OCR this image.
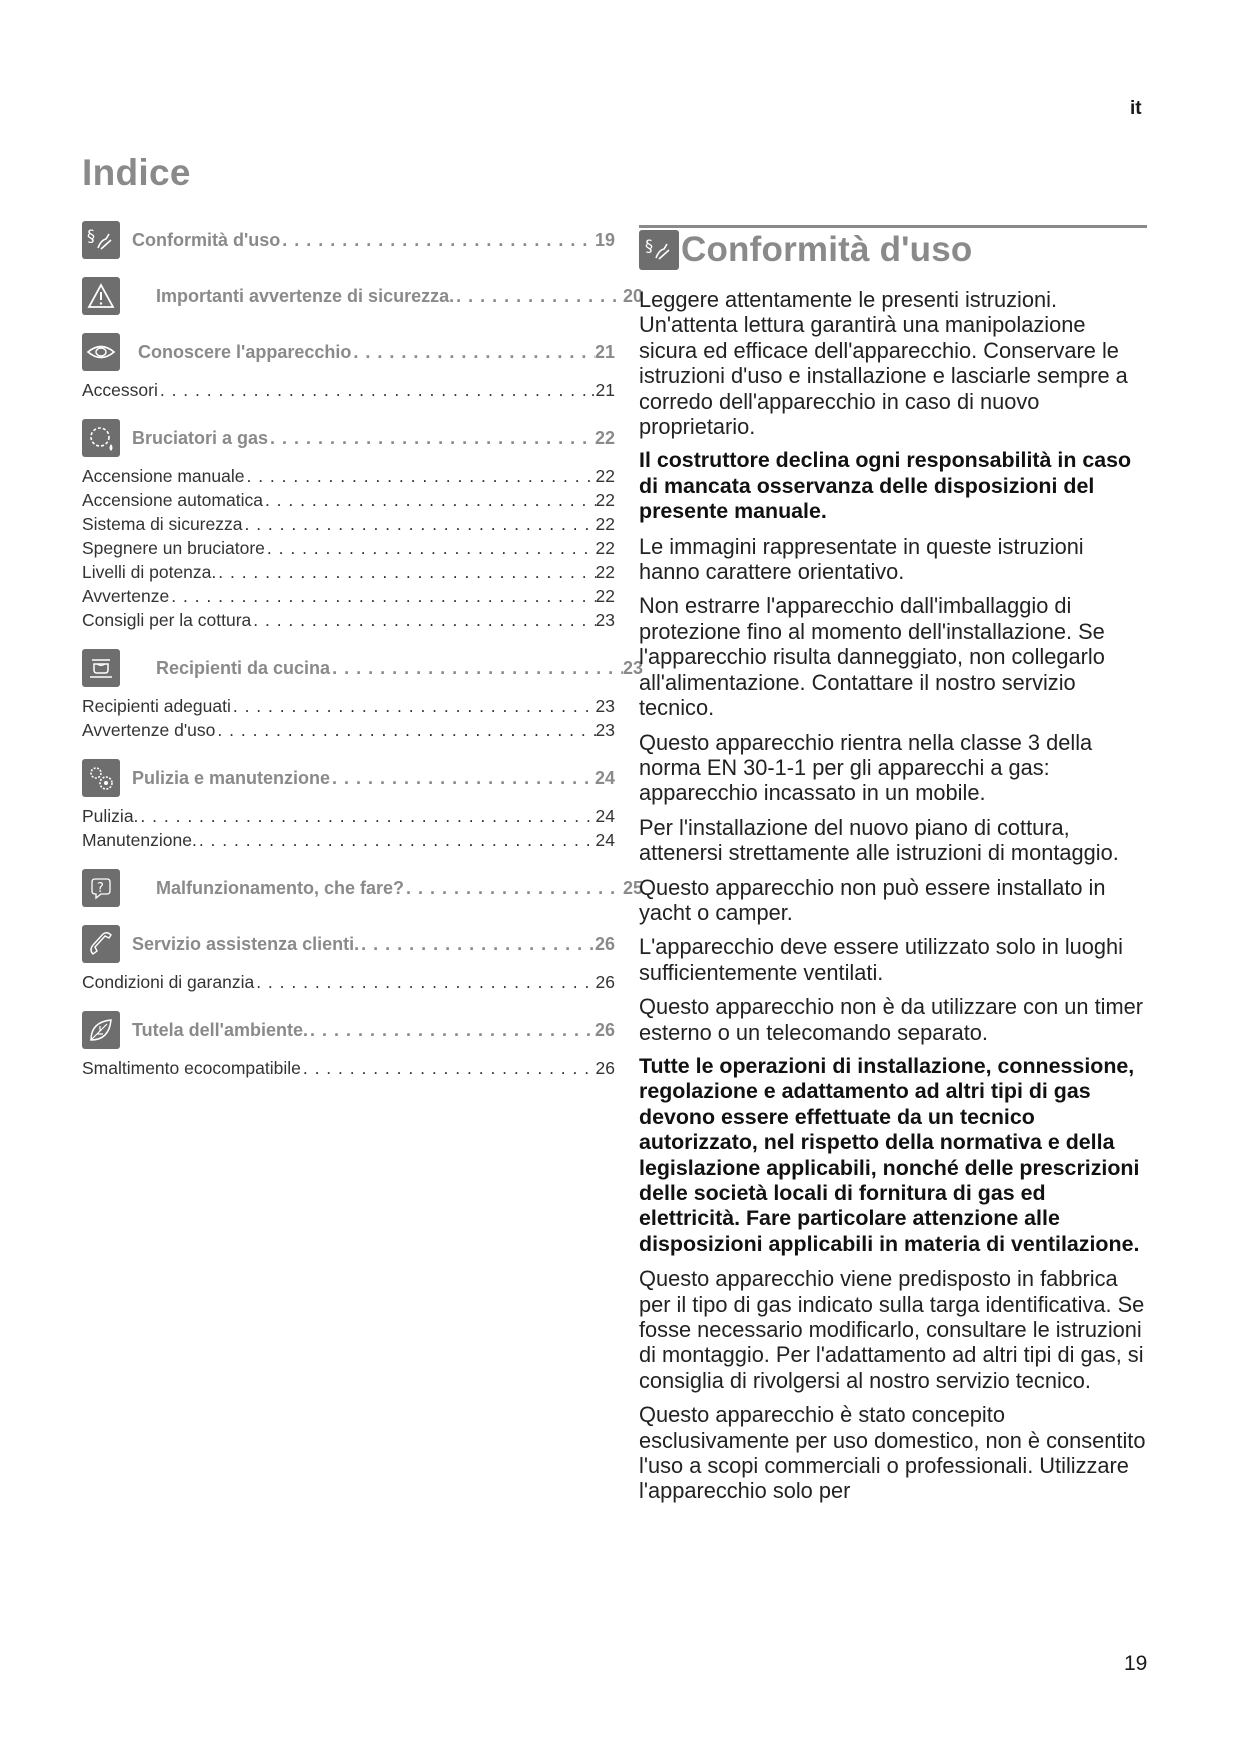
it
Indice
§ Conformità d'uso . . .	19
Importanti avvertenze di sicurezza. . . .	20
Conoscere l'apparecchio . . .	21
Accessori . . .	.21
Bruciatori a gas . . .	22
Accensione manuale . . .	22
Accensione automatica . . .	22
Sistema di sicurezza . . .	22
Spegnere un bruciatore . . .	22
Livelli di potenza. . . .	22
Avvertenze . . .	22
Consigli per la cottura . . .	23
Recipienti da cucina . . .	23
Recipienti adeguati . . .	23
Avvertenze d'uso . . .	23
Pulizia e manutenzione . . .	24
Pulizia. . . .	24
Manutenzione. . . .	24
?	Malfunzionamento, che fare? . . .	25
Servizio assistenza clienti. . . .	26
Condizioni di garanzia . . .	26
Tutela dell'ambiente. . . .	26
Smaltimento ecocompatibile . . .	26
§ Conformità d'uso

Leggere attentamente le presenti istruzioni. Un'attenta lettura garantirà una manipolazione sicura ed efficace dell'apparecchio. Conservare le istruzioni d'uso e installazione e lasciarle sempre a corredo dell'apparecchio in caso di nuovo proprietario.

Il costruttore declina ogni responsabilità in caso di mancata osservanza delle disposizioni del presente manuale.

Le immagini rappresentate in queste istruzioni hanno carattere orientativo.

Non estrarre l'apparecchio dall'imballaggio di protezione fino al momento dell'installazione. Se l'apparecchio risulta danneggiato, non collegarlo all'alimentazione. Contattare il nostro servizio tecnico.

Questo apparecchio rientra nella classe 3 della norma EN 30-1-1 per gli apparecchi a gas: apparecchio incassato in un mobile.

Per l'installazione del nuovo piano di cottura, attenersi strettamente alle istruzioni di montaggio.

Questo apparecchio non può essere installato in yacht o camper.

L'apparecchio deve essere utilizzato solo in luoghi sufficientemente ventilati.

Questo apparecchio non è da utilizzare con un timer esterno o un telecomando separato.

Tutte le operazioni di installazione, connessione, regolazione e adattamento ad altri tipi di gas devono essere effettuate da un tecnico autorizzato, nel rispetto della normativa e della legislazione applicabili, nonché delle prescrizioni delle società locali di fornitura di gas ed elettricità. Fare particolare attenzione alle disposizioni applicabili in materia di ventilazione.

Questo apparecchio viene predisposto in fabbrica per il tipo di gas indicato sulla targa identificativa. Se fosse necessario modificarlo, consultare le istruzioni di montaggio. Per l'adattamento ad altri tipi di gas, si consiglia di rivolgersi al nostro servizio tecnico.

Questo apparecchio è stato concepito esclusivamente per uso domestico, non è consentito l'uso a scopi commerciali o professionali. Utilizzare l'apparecchio solo per

19
